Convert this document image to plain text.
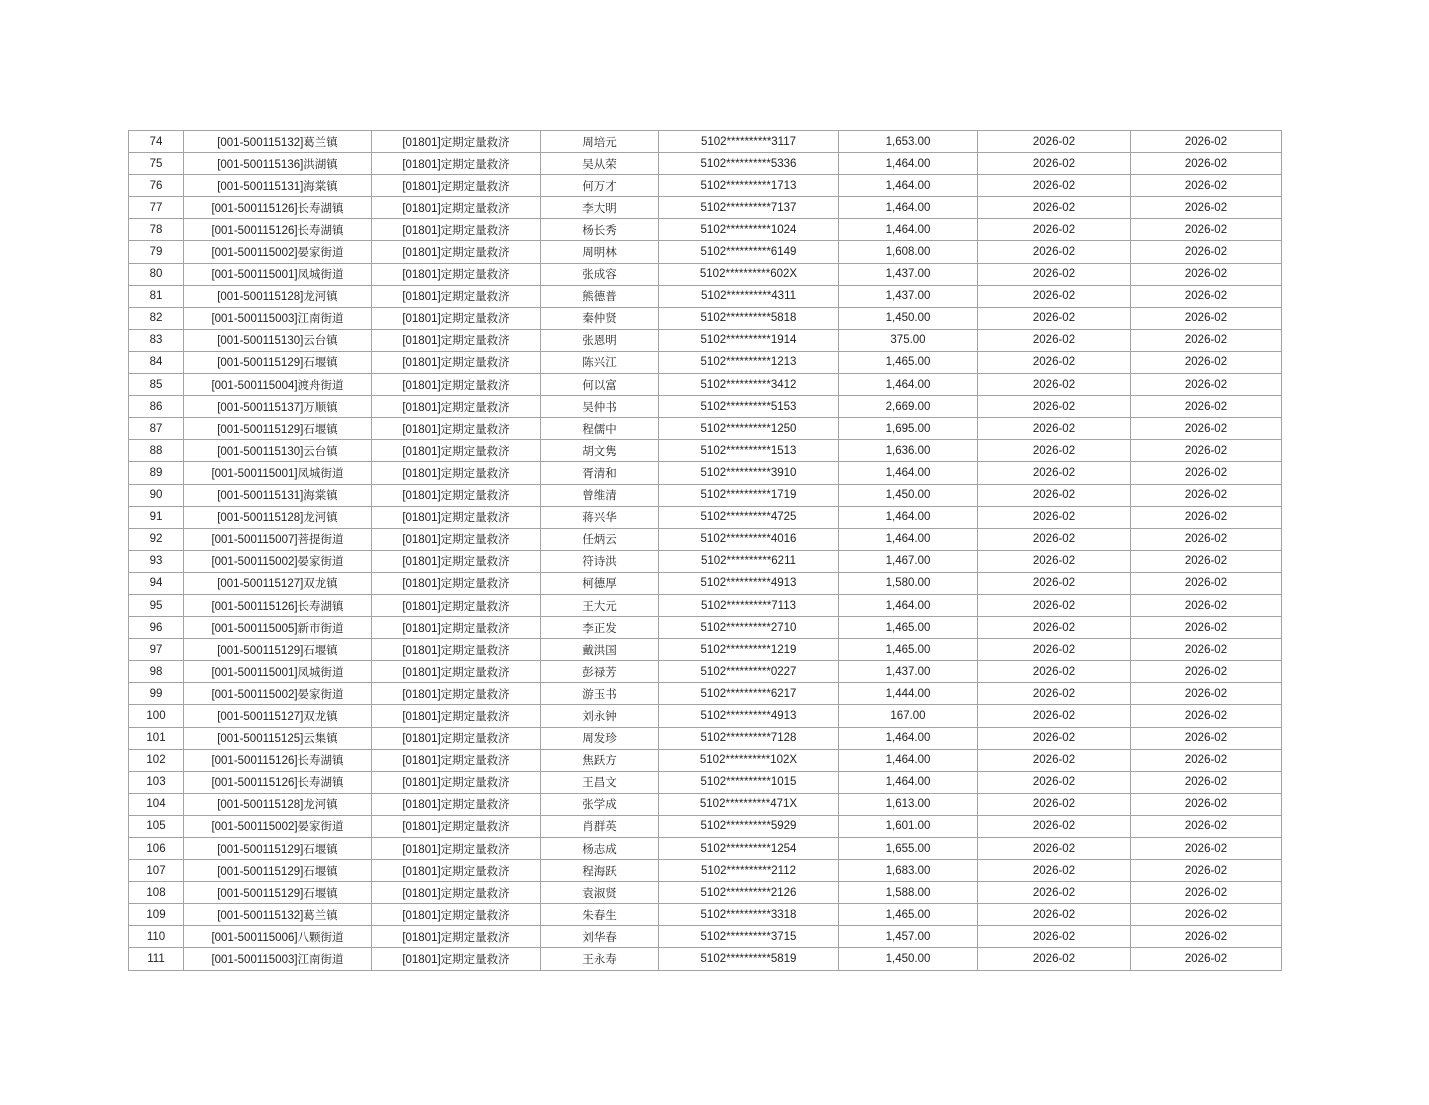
74	[001-500115132]葛兰镇	[01801]定期定量救济	周培元	5102**********3117	1,653.00	2026-02	2026-02
75	[001-500115136]洪湖镇	[01801]定期定量救济	吴从荣	5102**********5336	1,464.00	2026-02	2026-02
76	[001-500115131]海棠镇	[01801]定期定量救济	何万才	5102**********1713	1,464.00	2026-02	2026-02
77	[001-500115126]长寿湖镇	[01801]定期定量救济	李大明	5102**********7137	1,464.00	2026-02	2026-02
78	[001-500115126]长寿湖镇	[01801]定期定量救济	杨长秀	5102**********1024	1,464.00	2026-02	2026-02
79	[001-500115002]晏家街道	[01801]定期定量救济	周明林	5102**********6149	1,608.00	2026-02	2026-02
80	[001-500115001]凤城街道	[01801]定期定量救济	张成容	5102**********602X	1,437.00	2026-02	2026-02
81	[001-500115128]龙河镇	[01801]定期定量救济	熊德普	5102**********4311	1,437.00	2026-02	2026-02
82	[001-500115003]江南街道	[01801]定期定量救济	秦仲贤	5102**********5818	1,450.00	2026-02	2026-02
83	[001-500115130]云台镇	[01801]定期定量救济	张恩明	5102**********1914	375.00	2026-02	2026-02
84	[001-500115129]石堰镇	[01801]定期定量救济	陈兴江	5102**********1213	1,465.00	2026-02	2026-02
85	[001-500115004]渡舟街道	[01801]定期定量救济	何以富	5102**********3412	1,464.00	2026-02	2026-02
86	[001-500115137]万顺镇	[01801]定期定量救济	吴仲书	5102**********5153	2,669.00	2026-02	2026-02
87	[001-500115129]石堰镇	[01801]定期定量救济	程儒中	5102**********1250	1,695.00	2026-02	2026-02
88	[001-500115130]云台镇	[01801]定期定量救济	胡文隽	5102**********1513	1,636.00	2026-02	2026-02
89	[001-500115001]凤城街道	[01801]定期定量救济	胥清和	5102**********3910	1,464.00	2026-02	2026-02
90	[001-500115131]海棠镇	[01801]定期定量救济	曾维清	5102**********1719	1,450.00	2026-02	2026-02
91	[001-500115128]龙河镇	[01801]定期定量救济	蒋兴华	5102**********4725	1,464.00	2026-02	2026-02
92	[001-500115007]菩提街道	[01801]定期定量救济	任炳云	5102**********4016	1,464.00	2026-02	2026-02
93	[001-500115002]晏家街道	[01801]定期定量救济	符诗洪	5102**********6211	1,467.00	2026-02	2026-02
94	[001-500115127]双龙镇	[01801]定期定量救济	柯德厚	5102**********4913	1,580.00	2026-02	2026-02
95	[001-500115126]长寿湖镇	[01801]定期定量救济	王大元	5102**********7113	1,464.00	2026-02	2026-02
96	[001-500115005]新市街道	[01801]定期定量救济	李正发	5102**********2710	1,465.00	2026-02	2026-02
97	[001-500115129]石堰镇	[01801]定期定量救济	戴洪国	5102**********1219	1,465.00	2026-02	2026-02
98	[001-500115001]凤城街道	[01801]定期定量救济	彭禄芳	5102**********0227	1,437.00	2026-02	2026-02
99	[001-500115002]晏家街道	[01801]定期定量救济	游玉书	5102**********6217	1,444.00	2026-02	2026-02
100	[001-500115127]双龙镇	[01801]定期定量救济	刘永钟	5102**********4913	167.00	2026-02	2026-02
101	[001-500115125]云集镇	[01801]定期定量救济	周发珍	5102**********7128	1,464.00	2026-02	2026-02
102	[001-500115126]长寿湖镇	[01801]定期定量救济	焦跃方	5102**********102X	1,464.00	2026-02	2026-02
103	[001-500115126]长寿湖镇	[01801]定期定量救济	王昌文	5102**********1015	1,464.00	2026-02	2026-02
104	[001-500115128]龙河镇	[01801]定期定量救济	张学成	5102**********471X	1,613.00	2026-02	2026-02
105	[001-500115002]晏家街道	[01801]定期定量救济	肖群英	5102**********5929	1,601.00	2026-02	2026-02
106	[001-500115129]石堰镇	[01801]定期定量救济	杨志成	5102**********1254	1,655.00	2026-02	2026-02
107	[001-500115129]石堰镇	[01801]定期定量救济	程海跃	5102**********2112	1,683.00	2026-02	2026-02
108	[001-500115129]石堰镇	[01801]定期定量救济	袁淑贤	5102**********2126	1,588.00	2026-02	2026-02
109	[001-500115132]葛兰镇	[01801]定期定量救济	朱春生	5102**********3318	1,465.00	2026-02	2026-02
110	[001-500115006]八颗街道	[01801]定期定量救济	刘华春	5102**********3715	1,457.00	2026-02	2026-02
111	[001-500115003]江南街道	[01801]定期定量救济	王永寿	5102**********5819	1,450.00	2026-02	2026-02
